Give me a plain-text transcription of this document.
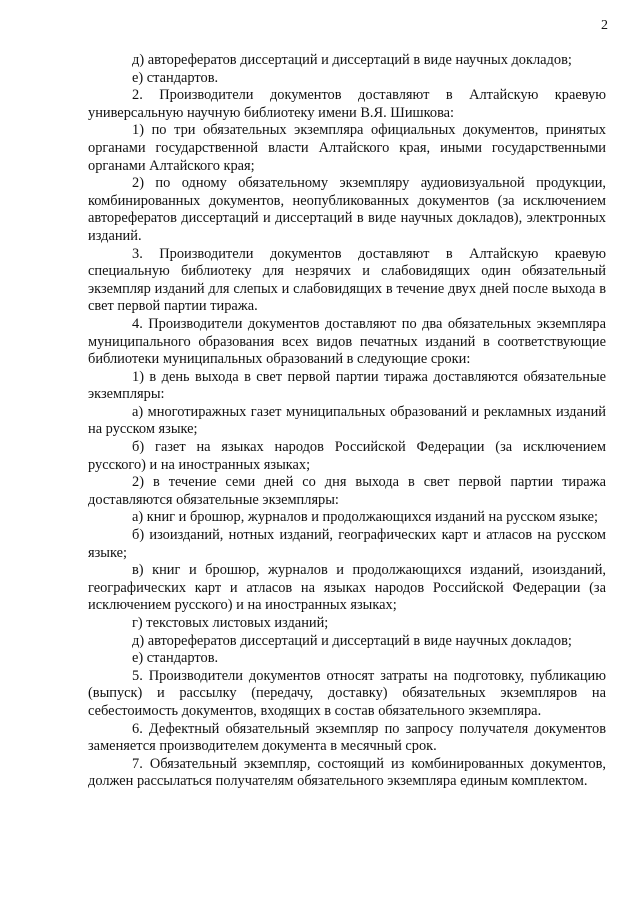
2

д) авторефератов диссертаций и диссертаций в виде научных докладов;

е) стандартов.

2. Производители документов доставляют в Алтайскую краевую универсальную научную библиотеку имени В.Я. Шишкова:

1) по три обязательных экземпляра официальных документов, принятых органами государственной власти Алтайского края, иными государственными органами Алтайского края;

2) по одному обязательному экземпляру аудиовизуальной продукции, комбинированных документов, неопубликованных документов (за исключением авторефератов диссертаций и диссертаций в виде научных докладов), электронных изданий.

3. Производители документов доставляют в Алтайскую краевую специальную библиотеку для незрячих и слабовидящих один обязательный экземпляр изданий для слепых и слабовидящих в течение двух дней после выхода в свет первой партии тиража.

4. Производители документов доставляют по два обязательных экземпляра муниципального образования всех видов печатных изданий в соответствующие библиотеки муниципальных образований в следующие сроки:

1) в день выхода в свет первой партии тиража доставляются обязательные экземпляры:

а) многотиражных газет муниципальных образований и рекламных изданий на русском языке;

б) газет на языках народов Российской Федерации (за исключением русского) и на иностранных языках;

2) в течение семи дней со дня выхода в свет первой партии тиража доставляются обязательные экземпляры:

а) книг и брошюр, журналов и продолжающихся изданий на русском языке;

б) изоизданий, нотных изданий, географических карт и атласов на русском языке;

в) книг и брошюр, журналов и продолжающихся изданий, изоизданий, географических карт и атласов на языках народов Российской Федерации (за исключением русского) и на иностранных языках;

г) текстовых листовых изданий;

д) авторефератов диссертаций и диссертаций в виде научных докладов;

е) стандартов.

5. Производители документов относят затраты на подготовку, публикацию (выпуск) и рассылку (передачу, доставку) обязательных экземпляров на себестоимость документов, входящих в состав обязательного экземпляра.

6. Дефектный обязательный экземпляр по запросу получателя документов заменяется производителем документа в месячный срок.

7. Обязательный экземпляр, состоящий из комбинированных документов, должен рассылаться получателям обязательного экземпляра единым комплектом.
